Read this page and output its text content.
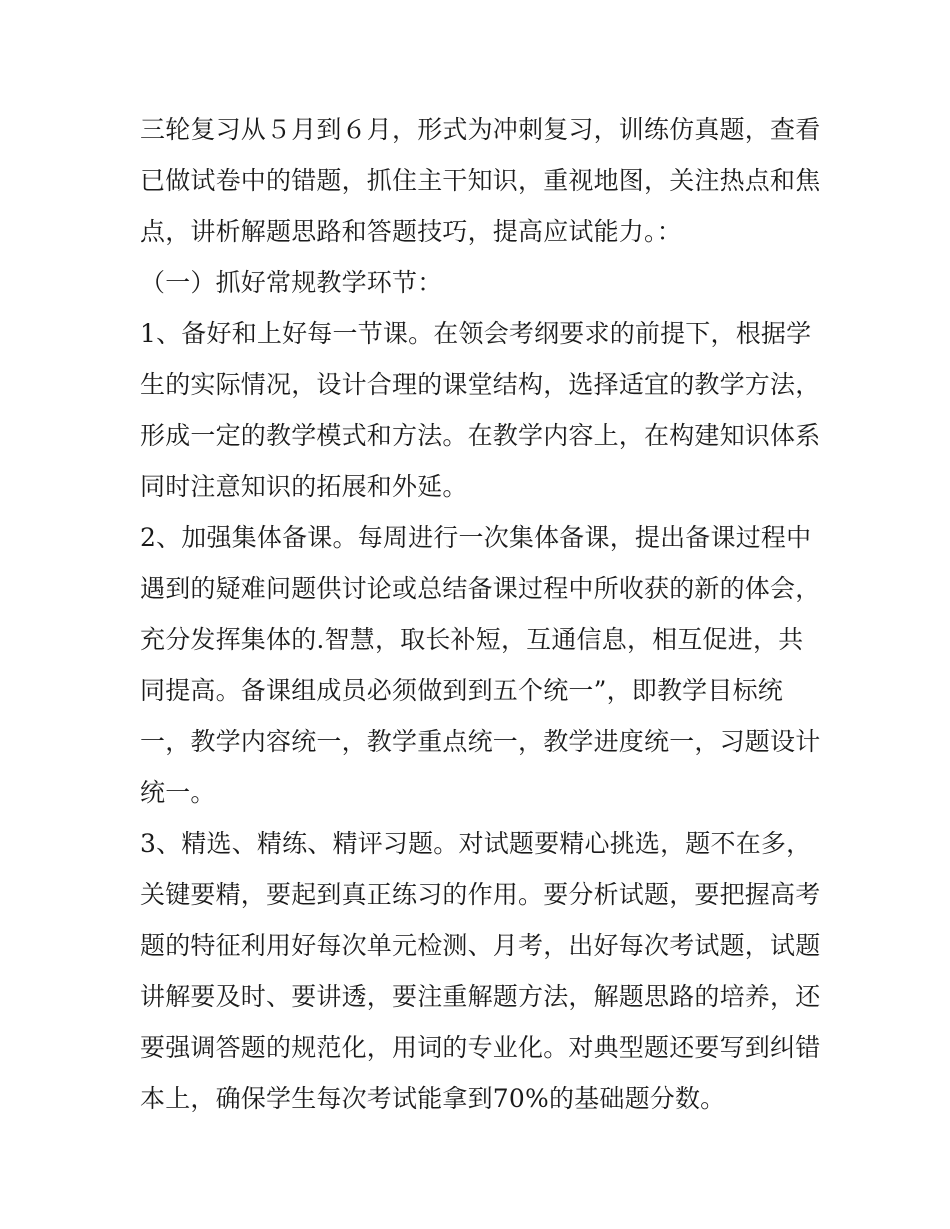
三轮复习从５月到６月，形式为冲刺复习，训练仿真题，查看

已做试卷中的错题，抓住主干知识，重视地图，关注热点和焦

点，讲析解题思路和答题技巧，提高应试能力。：

（一）抓好常规教学环节：

1、备好和上好每一节课。在领会考纲要求的前提下，根据学

生的实际情况，设计合理的课堂结构，选择适宜的教学方法，

形成一定的教学模式和方法。在教学内容上，在构建知识体系

同时注意知识的拓展和外延。

2、加强集体备课。每周进行一次集体备课，提出备课过程中

遇到的疑难问题供讨论或总结备课过程中所收获的新的体会，

充分发挥集体的.智慧，取长补短，互通信息，相互促进，共

同提高。备课组成员必须做到到五个统一”，即教学目标统

一，教学内容统一，教学重点统一，教学进度统一，习题设计

统一。

3、精选、精练、精评习题。对试题要精心挑选，题不在多，

关键要精，要起到真正练习的作用。要分析试题，要把握高考

题的特征利用好每次单元检测、月考，出好每次考试题，试题

讲解要及时、要讲透，要注重解题方法，解题思路的培养，还

要强调答题的规范化，用词的专业化。对典型题还要写到纠错

本上，确保学生每次考试能拿到70%的基础题分数。
